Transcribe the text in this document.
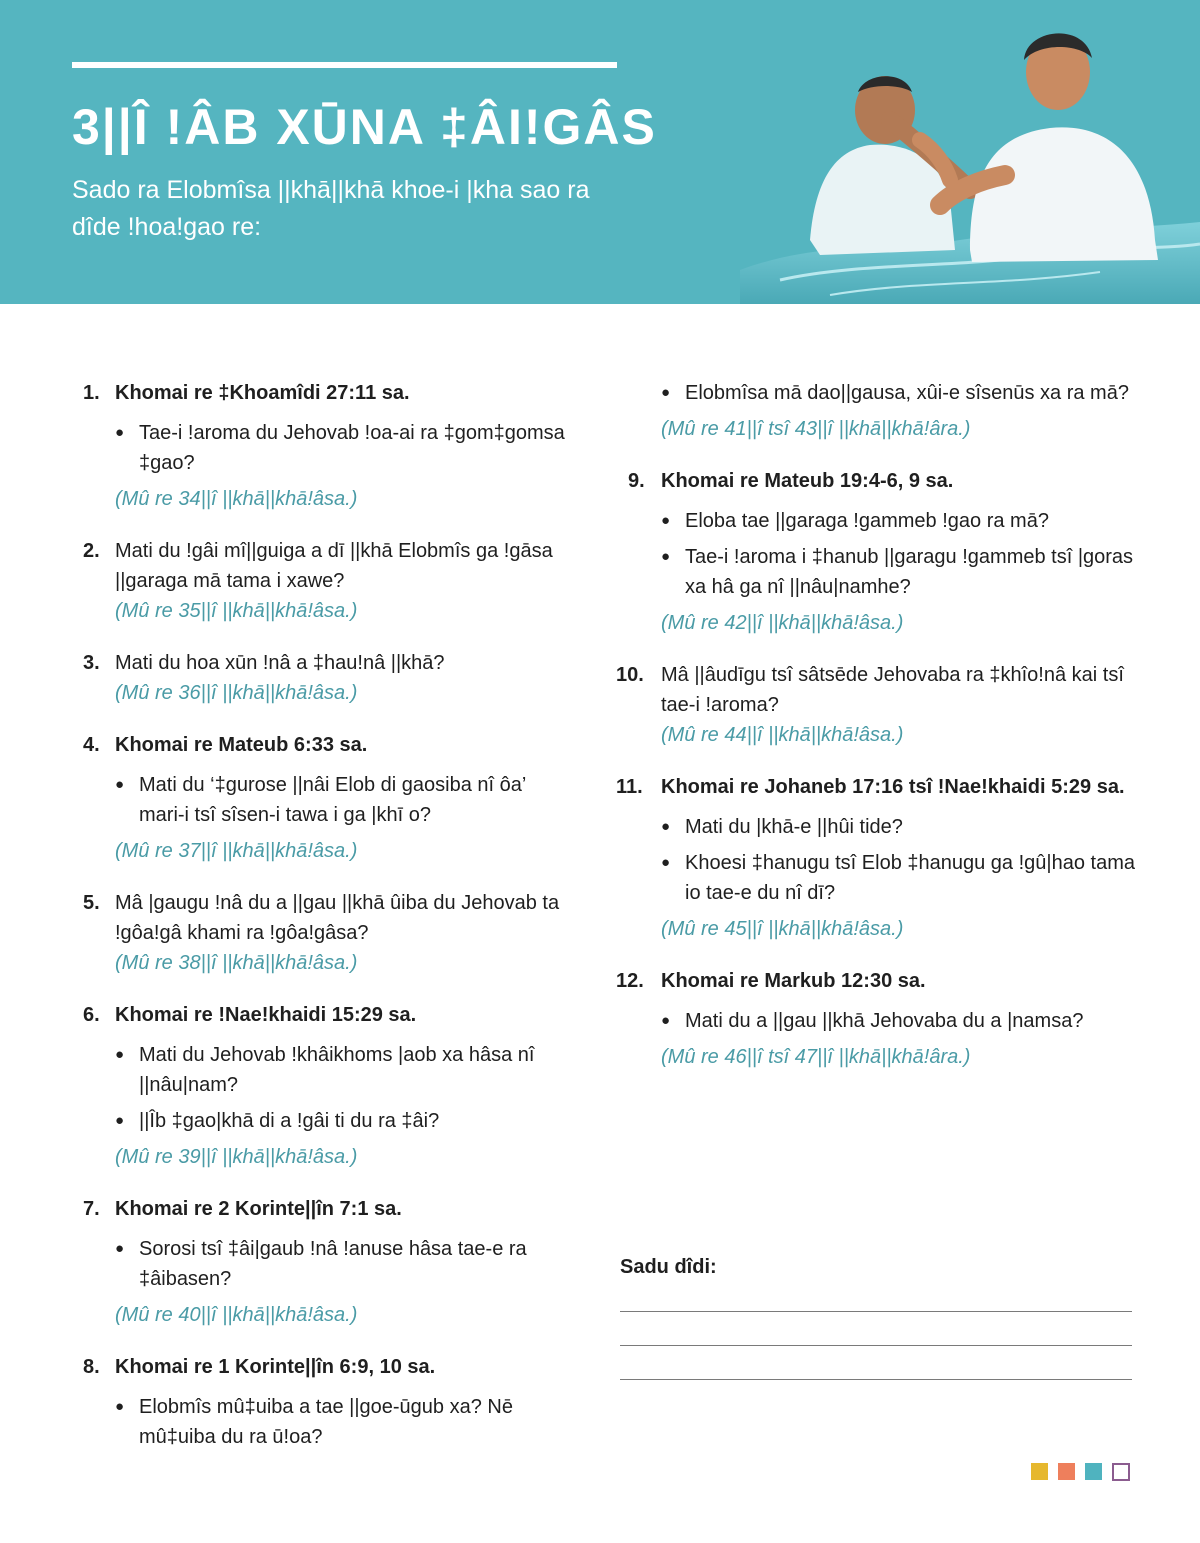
3||Î !ÂB XŪNA ‡ÂI!GÂS
Sado ra Elobmîsa ||khā||khā khoe-i |kha sao ra dîde !hoa!gao re:
1. Khomai re ‡Khoamîdi 27:11 sa.
● Tae-i !aroma du Jehovab !oa-ai ra ‡gom‡gomsa ‡gao?
(Mû re 34||î ||khā||khā!âsa.)
2. Mati du !gâi mî||guiga a dī ||khā Elobmîs ga !gāsa ||garaga mā tama i xawe?
(Mû re 35||î ||khā||khā!âsa.)
3. Mati du hoa xūn !nâ a ‡hau!nâ ||khā?
(Mû re 36||î ||khā||khā!âsa.)
4. Khomai re Mateub 6:33 sa.
● Mati du ‘‡gurose ||nâi Elob di gaosiba nî ôa’ mari-i tsî sîsen-i tawa i ga |khī o?
(Mû re 37||î ||khā||khā!âsa.)
5. Mâ |gaugu !nâ du a ||gau ||khā ûiba du Jehovab ta !gôa!gâ khami ra !gôa!gâsa?
(Mû re 38||î ||khā||khā!âsa.)
6. Khomai re !Nae!khaidi 15:29 sa.
● Mati du Jehovab !khâikhoms |aob xa hâsa nî ||nâu|nam?
● ||Îb ‡gao|khā di a !gâi ti du ra ‡âi?
(Mû re 39||î ||khā||khā!âsa.)
7. Khomai re 2 Korinte||în 7:1 sa.
● Sorosi tsî ‡âi|gaub !nâ !anuse hâsa tae-e ra ‡âibasen?
(Mû re 40||î ||khā||khā!âsa.)
8. Khomai re 1 Korinte||în 6:9, 10 sa.
● Elobmîs mû‡uiba a tae ||goe-ūgub xa? Nē mû‡uiba du ra ū!oa?
● Elobmîsa mā dao||gausa, xûi-e sîsenūs xa ra mā?
(Mû re 41||î tsî 43||î ||khā||khā!âra.)
9. Khomai re Mateub 19:4-6, 9 sa.
● Eloba tae ||garaga !gammeb !gao ra mā?
● Tae-i !aroma i ‡hanub ||garagu !gammeb tsî |goras xa hâ ga nî ||nâu|namhe?
(Mû re 42||î ||khā||khā!âsa.)
10. Mâ ||âudīgu tsî sâtsēde Jehovaba ra ‡khîo!nâ kai tsî tae-i !aroma?
(Mû re 44||î ||khā||khā!âsa.)
11. Khomai re Johaneb 17:16 tsî !Nae!khaidi 5:29 sa.
● Mati du |khā-e ||hûi tide?
● Khoesi ‡hanugu tsî Elob ‡hanugu ga !gû|hao tama io tae-e du nî dī?
(Mû re 45||î ||khā||khā!âsa.)
12. Khomai re Markub 12:30 sa.
● Mati du a ||gau ||khā Jehovaba du a |namsa?
(Mû re 46||î tsî 47||î ||khā||khā!âra.)
Sadu dîdi:
